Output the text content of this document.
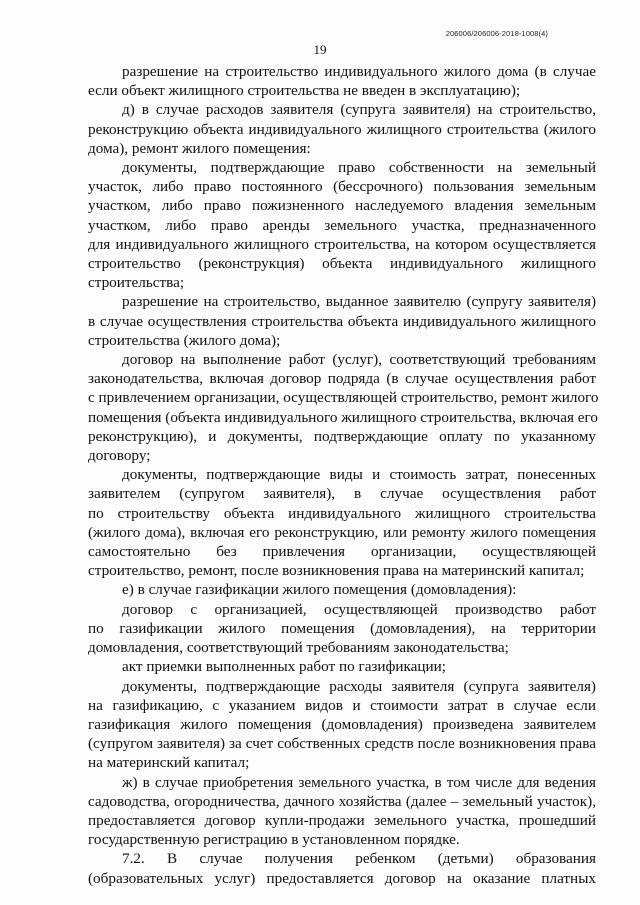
206006/206006-2018-1008(4)
19

разрешение на строительство индивидуального жилого дома (в случае
если объект жилищного строительства не введен в эксплуатацию);

д) в случае расходов заявителя (супруга заявителя) на строительство,
реконструкцию объекта индивидуального жилищного строительства (жилого
дома), ремонт жилого помещения:

документы, подтверждающие право собственности на земельный
участок, либо право постоянного (бессрочного) пользования земельным
участком, либо право пожизненного наследуемого владения земельным
участком, либо право аренды земельного участка, предназначенного
для индивидуального жилищного строительства, на котором осуществляется
строительство (реконструкция) объекта индивидуального жилищного
строительства;

разрешение на строительство, выданное заявителю (супругу заявителя)
в случае осуществления строительства объекта индивидуального жилищного
строительства (жилого дома);

договор на выполнение работ (услуг), соответствующий требованиям
законодательства, включая договор подряда (в случае осуществления работ
с привлечением организации, осуществляющей строительство, ремонт жилого
помещения (объекта индивидуального жилищного строительства, включая его
реконструкцию), и документы, подтверждающие оплату по указанному
договору;

документы, подтверждающие виды и стоимость затрат, понесенных
заявителем (супругом заявителя), в случае осуществления работ
по строительству объекта индивидуального жилищного строительства
(жилого дома), включая его реконструкцию, или ремонту жилого помещения
самостоятельно без привлечения организации, осуществляющей
строительство, ремонт, после возникновения права на материнский капитал;

е) в случае газификации жилого помещения (домовладения):

договор с организацией, осуществляющей производство работ
по газификации жилого помещения (домовладения), на территории
домовладения, соответствующий требованиям законодательства;

акт приемки выполненных работ по газификации;

документы, подтверждающие расходы заявителя (супруга заявителя)
на газификацию, с указанием видов и стоимости затрат в случае если
газификация жилого помещения (домовладения) произведена заявителем
(супругом заявителя) за счет собственных средств после возникновения права
на материнский капитал;

ж) в случае приобретения земельного участка, в том числе для ведения
садоводства, огородничества, дачного хозяйства (далее – земельный участок),
предоставляется договор купли-продажи земельного участка, прошедший
государственную регистрацию в установленном порядке.

7.2. В случае получения ребенком (детьми) образования
(образовательных услуг) предоставляется договор на оказание платных
